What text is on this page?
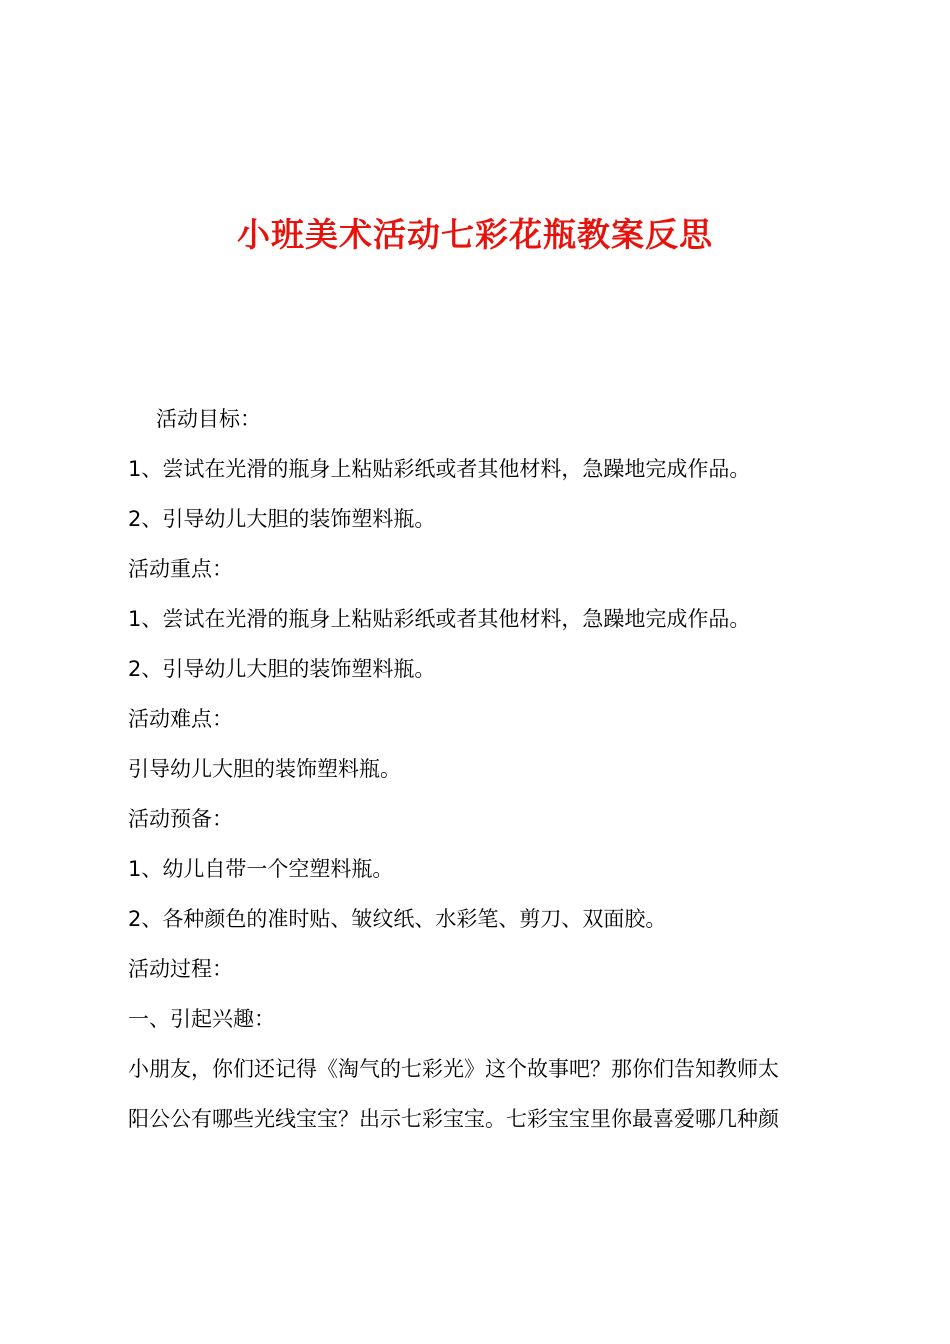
小班美术活动七彩花瓶教案反思

活动目标：

1、尝试在光滑的瓶身上粘贴彩纸或者其他材料，急躁地完成作品。

2、引导幼儿大胆的装饰塑料瓶。

活动重点：

1、尝试在光滑的瓶身上粘贴彩纸或者其他材料，急躁地完成作品。

2、引导幼儿大胆的装饰塑料瓶。

活动难点：

引导幼儿大胆的装饰塑料瓶。

活动预备：

1、幼儿自带一个空塑料瓶。

2、各种颜色的准时贴、皱纹纸、水彩笔、剪刀、双面胶。

活动过程：

一、引起兴趣：

小朋友，你们还记得《淘气的七彩光》这个故事吧？那你们告知教师太

阳公公有哪些光线宝宝？出示七彩宝宝。七彩宝宝里你最喜爱哪几种颜
